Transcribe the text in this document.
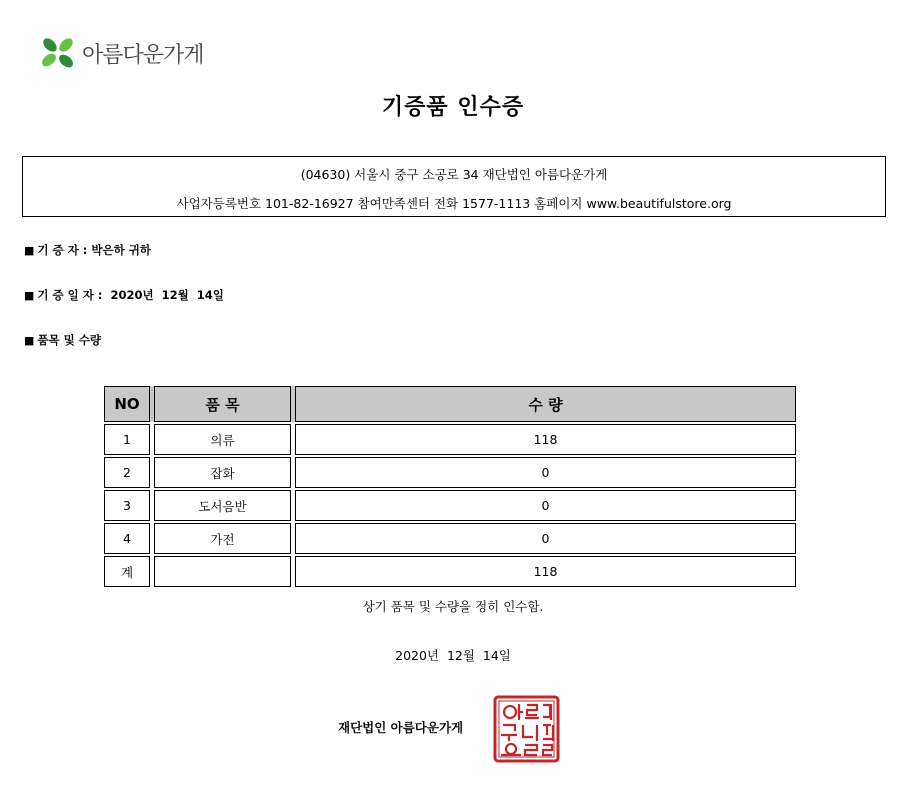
아름다운가게
기증품 인수증
(04630) 서울시 중구 소공로 34 재단법인 아름다운가게
사업자등록번호 101-82-16927 참여만족센터 전화 1577-1113 홈페이지 www.beautifulstore.org
■ 기 증 자 : 박은하 귀하
■ 기 증 일 자 : 2020년  12월  14일
■ 품목 및 수량
NO		품 목		수 량

1		의류		118

2		잡화		0

3		도서음반		0

4		가전		0

계				118
상기 품목 및 수량을 정히 인수함.
2020년  12월  14일
재단법인 아름다운가게
